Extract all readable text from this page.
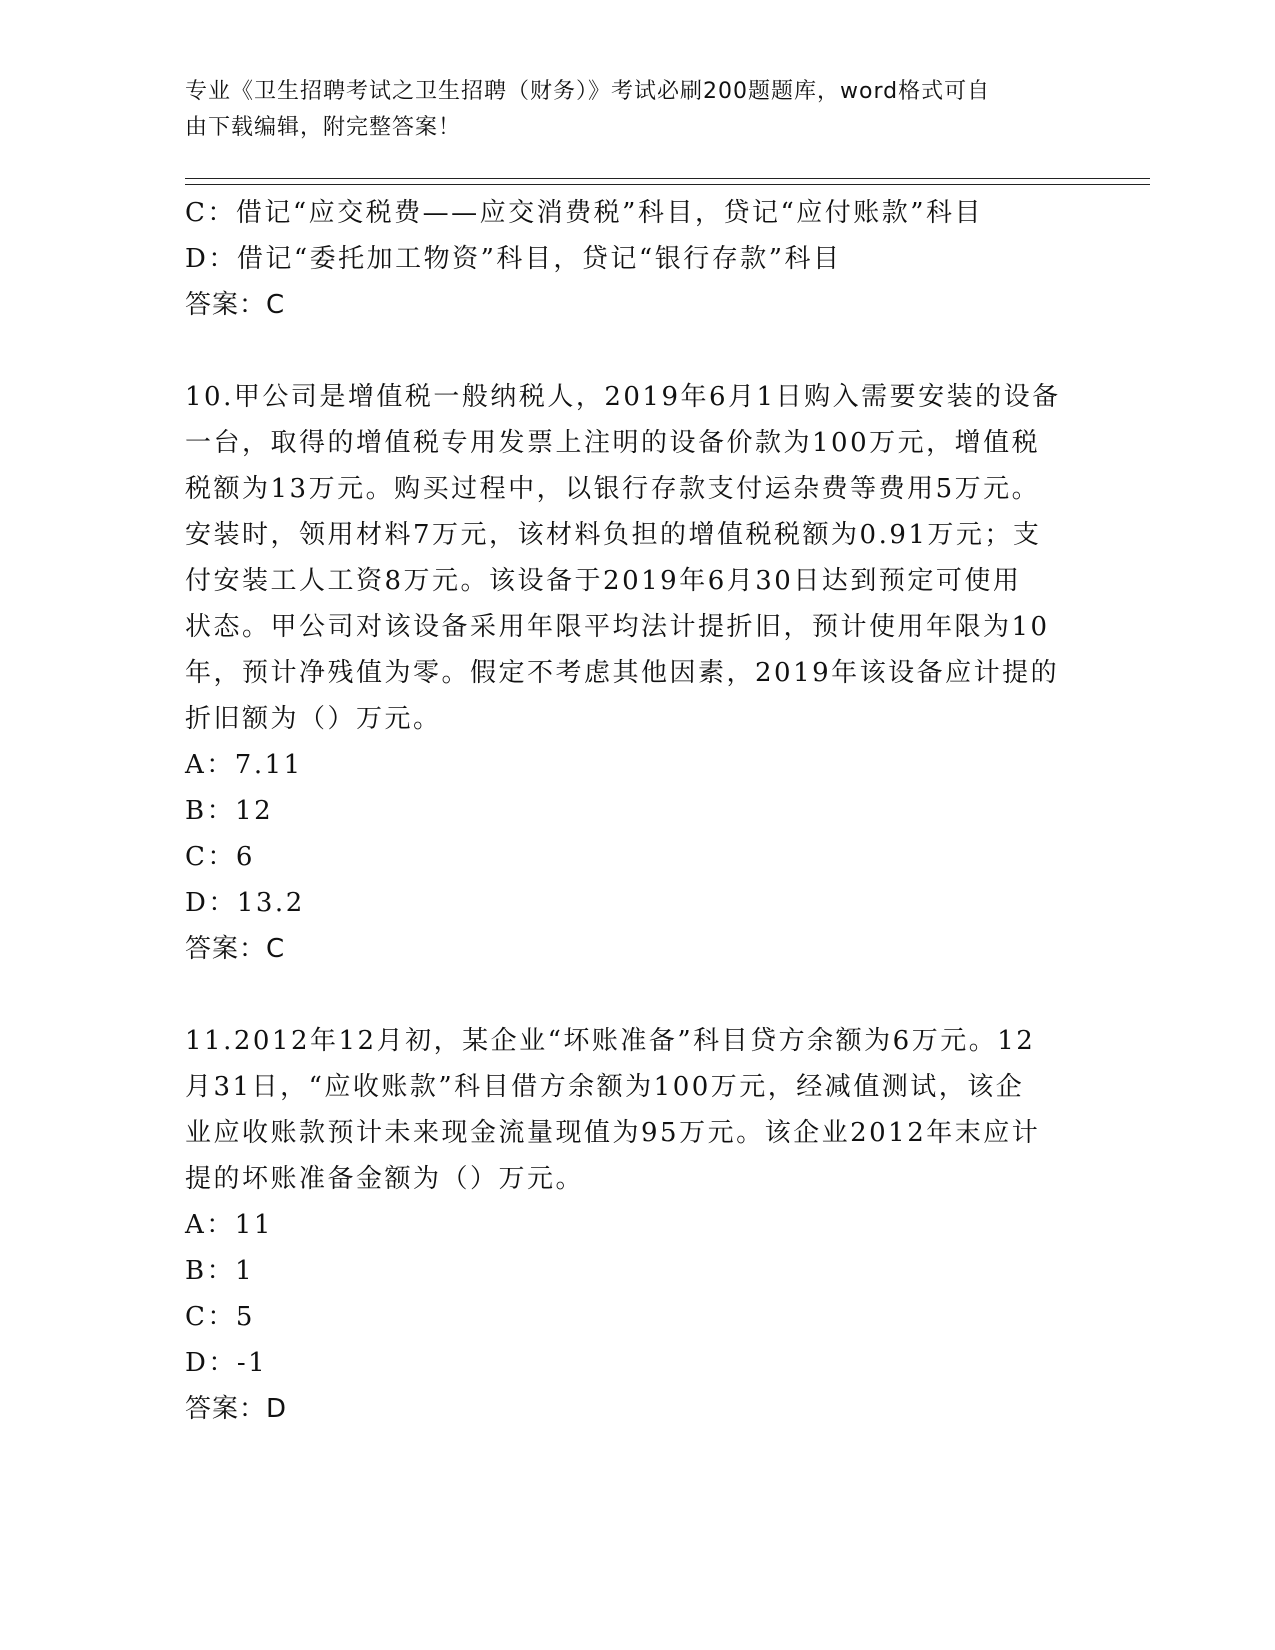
专业《卫生招聘考试之卫生招聘（财务）》考试必刷200题题库，word格式可自
由下载编辑，附完整答案！

C：借记“应交税费——应交消费税”科目，贷记“应付账款”科目

D：借记“委托加工物资”科目，贷记“银行存款”科目

答案：C

10.甲公司是增值税一般纳税人，2019年6月1日购入需要安装的设备

一台，取得的增值税专用发票上注明的设备价款为100万元，增值税

税额为13万元。购买过程中，以银行存款支付运杂费等费用5万元。

安装时，领用材料7万元，该材料负担的增值税税额为0.91万元；支

付安装工人工资8万元。该设备于2019年6月30日达到预定可使用

状态。甲公司对该设备采用年限平均法计提折旧，预计使用年限为10

年，预计净残值为零。假定不考虑其他因素，2019年该设备应计提的

折旧额为（）万元。

A：7.11

B：12

C：6

D：13.2

答案：C

11.2012年12月初，某企业“坏账准备”科目贷方余额为6万元。12

月31日，“应收账款”科目借方余额为100万元，经减值测试，该企

业应收账款预计未来现金流量现值为95万元。该企业2012年末应计

提的坏账准备金额为（）万元。

A：11

B：1

C：5

D：-1

答案：D
